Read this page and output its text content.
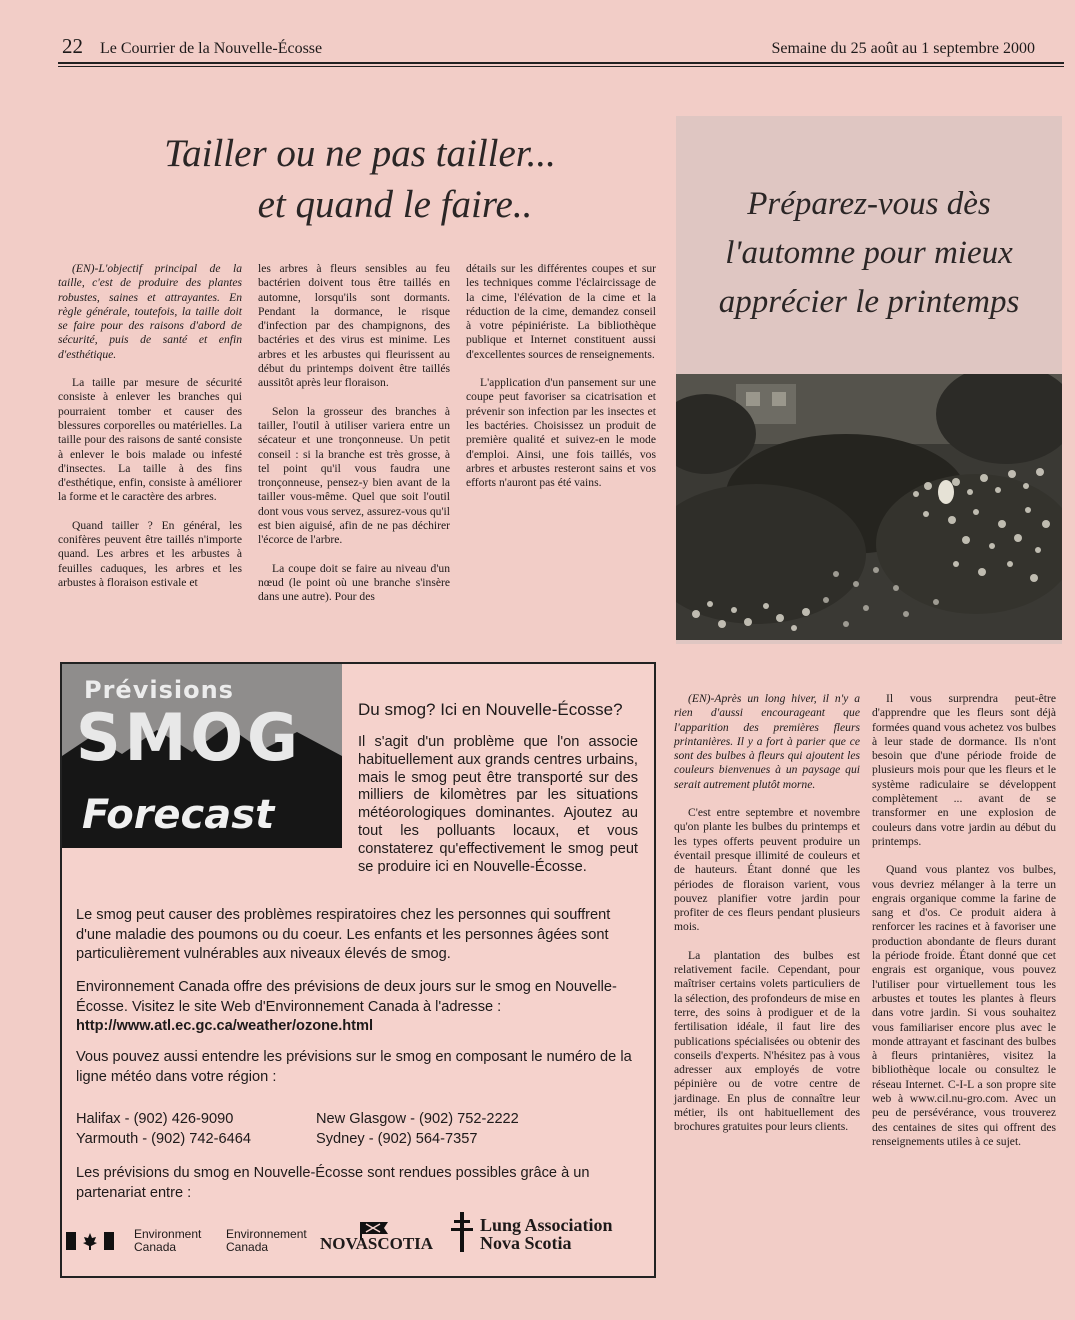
22 Le Courrier de la Nouvelle-Écosse	Semaine du 25 août au 1 septembre 2000
Tailler ou ne pas tailler...
et quand le faire..

(EN)-L'objectif principal de la taille, c'est de produire des plantes robustes, saines et attrayantes. En règle générale, toutefois, la taille doit se faire pour des raisons d'abord de sécurité, puis de santé et enfin d'esthétique.

La taille par mesure de sécurité consiste à enlever les branches qui pourraient tomber et causer des blessures corporelles ou matérielles. La taille pour des raisons de santé consiste à enlever le bois malade ou infesté d'insectes. La taille à des fins d'esthétique, enfin, consiste à améliorer la forme et le caractère des arbres.

Quand tailler ? En général, les conifères peuvent être taillés n'importe quand. Les arbres et les arbustes à feuilles caduques, les arbres et les arbustes à floraison estivale et

les arbres à fleurs sensibles au feu bactérien doivent tous être taillés en automne, lorsqu'ils sont dormants. Pendant la dormance, le risque d'infection par des champignons, des bactéries et des virus est minime. Les arbres et les arbustes qui fleurissent au début du printemps doivent être taillés aussitôt après leur floraison.

Selon la grosseur des branches à tailler, l'outil à utiliser variera entre un sécateur et une tronçonneuse. Un petit conseil : si la branche est très grosse, à tel point qu'il vous faudra une tronçonneuse, pensez-y bien avant de la tailler vous-même. Quel que soit l'outil dont vous vous servez, assurez-vous qu'il est bien aiguisé, afin de ne pas déchirer l'écorce de l'arbre.

La coupe doit se faire au niveau d'un nœud (le point où une branche s'insère dans une autre). Pour des

détails sur les différentes coupes et sur les techniques comme l'éclaircissage de la cime, l'élévation de la cime et la réduction de la cime, demandez conseil à votre pépiniériste. La bibliothèque publique et Internet constituent aussi d'excellentes sources de renseignements.

L'application d'un pansement sur une coupe peut favoriser sa cicatrisation et prévenir son infection par les insectes et les bactéries. Choisissez un produit de première qualité et suivez-en le mode d'emploi. Ainsi, une fois taillés, vos arbres et arbustes resteront sains et vos efforts n'auront pas été vains.

Préparez-vous dès
l'automne pour mieux
apprécier le printemps

(EN)-Après un long hiver, il n'y a rien d'aussi encourageant que l'apparition des premières fleurs printanières. Il y a fort à parier que ce sont des bulbes à fleurs qui ajoutent les couleurs bienvenues à un paysage qui serait autrement plutôt morne.

C'est entre septembre et novembre qu'on plante les bulbes du printemps et les types offerts peuvent produire un éventail presque illimité de couleurs et de hauteurs. Étant donné que les périodes de floraison varient, vous pouvez planifier votre jardin pour profiter de ces fleurs pendant plusieurs mois.

La plantation des bulbes est relativement facile. Cependant, pour maîtriser certains volets particuliers de la sélection, des profondeurs de mise en terre, des soins à prodiguer et de la fertilisation idéale, il faut lire des publications spécialisées ou obtenir des conseils d'experts. N'hésitez pas à vous adresser aux employés de votre pépinière ou de votre centre de jardinage. En plus de connaître leur métier, ils ont habituellement des brochures gratuites pour leurs clients.

Il vous surprendra peut-être d'apprendre que les fleurs sont déjà formées quand vous achetez vos bulbes à leur stade de dormance. Ils n'ont besoin que d'une période froide de plusieurs mois pour que les fleurs et le système radiculaire se développent complètement ... avant de se transformer en une explosion de couleurs dans votre jardin au début du printemps.

Quand vous plantez vos bulbes, vous devriez mélanger à la terre un engrais organique comme la farine de sang et d'os. Ce produit aidera à renforcer les racines et à favoriser une production abondante de fleurs durant la période froide. Étant donné que cet engrais est organique, vous pouvez l'utiliser pour virtuellement tous les arbustes et toutes les plantes à fleurs dans votre jardin. Si vous souhaitez vous familiariser encore plus avec le monde attrayant et fascinant des bulbes à fleurs printanières, visitez la bibliothèque locale ou consultez le réseau Internet. C-I-L a son propre site web à www.cil.nu-gro.com. Avec un peu de persévérance, vous trouverez des centaines de sites qui offrent des renseignements utiles à ce sujet.

Prévisions
SMOG
Forecast
Du smog? Ici en Nouvelle-Écosse?
Il s'agit d'un problème que l'on associe habituellement aux grands centres urbains, mais le smog peut être transporté sur des milliers de kilomètres par les situations météorologiques dominantes. Ajoutez au tout les polluants locaux, et vous constaterez qu'effectivement le smog peut se produire ici en Nouvelle-Écosse.
Le smog peut causer des problèmes respiratoires chez les personnes qui souffrent d'une maladie des poumons ou du coeur. Les enfants et les personnes âgées sont particulièrement vulnérables aux niveaux élevés de smog.
Environnement Canada offre des prévisions de deux jours sur le smog en Nouvelle-Écosse. Visitez le site Web d'Environnement Canada à l'adresse :
http://www.atl.ec.gc.ca/weather/ozone.html
Vous pouvez aussi entendre les prévisions sur le smog en composant le numéro de la ligne météo dans votre région :
Halifax - (902) 426-9090
Yarmouth - (902) 742-6464
New Glasgow - (902) 752-2222
Sydney - (902) 564-7357
Les prévisions du smog en Nouvelle-Écosse sont rendues possibles grâce à un partenariat entre :
Environment
Canada
Environnement
Canada	NOVASCOTIA
Lung Association
Nova Scotia
